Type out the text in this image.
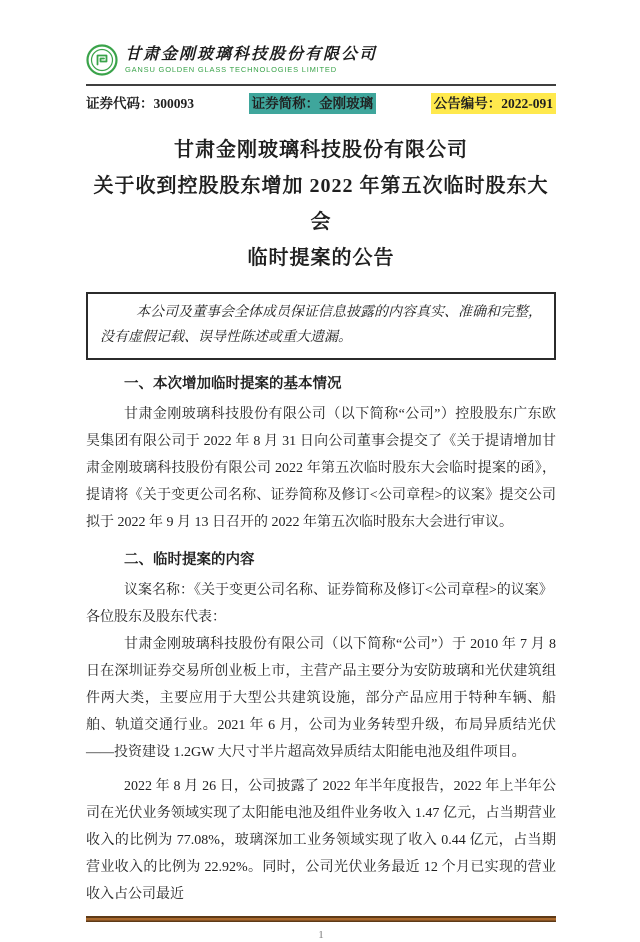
甘肃金刚玻璃科技股份有限公司
GANSU GOLDEN GLASS TECHNOLOGIES LIMITED
证券代码：300093	证券简称：金刚玻璃	公告编号：2022-091
甘肃金刚玻璃科技股份有限公司
关于收到控股股东增加 2022 年第五次临时股东大会
临时提案的公告

本公司及董事会全体成员保证信息披露的内容真实、准确和完整，没有虚假记载、误导性陈述或重大遗漏。

一、本次增加临时提案的基本情况

甘肃金刚玻璃科技股份有限公司（以下简称“公司”）控股股东广东欧昊集团有限公司于 2022 年 8 月 31 日向公司董事会提交了《关于提请增加甘肃金刚玻璃科技股份有限公司 2022 年第五次临时股东大会临时提案的函》，提请将《关于变更公司名称、证券简称及修订<公司章程>的议案》提交公司拟于 2022 年 9 月 13 日召开的 2022 年第五次临时股东大会进行审议。

二、临时提案的内容

议案名称：《关于变更公司名称、证券简称及修订<公司章程>的议案》

各位股东及股东代表：

甘肃金刚玻璃科技股份有限公司（以下简称“公司”）于 2010 年 7 月 8 日在深圳证券交易所创业板上市，主营产品主要分为安防玻璃和光伏建筑组件两大类，主要应用于大型公共建筑设施，部分产品应用于特种车辆、船舶、轨道交通行业。2021 年 6 月，公司为业务转型升级，布局异质结光伏——投资建设 1.2GW 大尺寸半片超高效异质结太阳能电池及组件项目。

2022 年 8 月 26 日，公司披露了 2022 年半年度报告，2022 年上半年公司在光伏业务领域实现了太阳能电池及组件业务收入 1.47 亿元，占当期营业收入的比例为 77.08%，玻璃深加工业务领域实现了收入 0.44 亿元，占当期营业收入的比例为 22.92%。同时，公司光伏业务最近 12 个月已实现的营业收入占公司最近

1
